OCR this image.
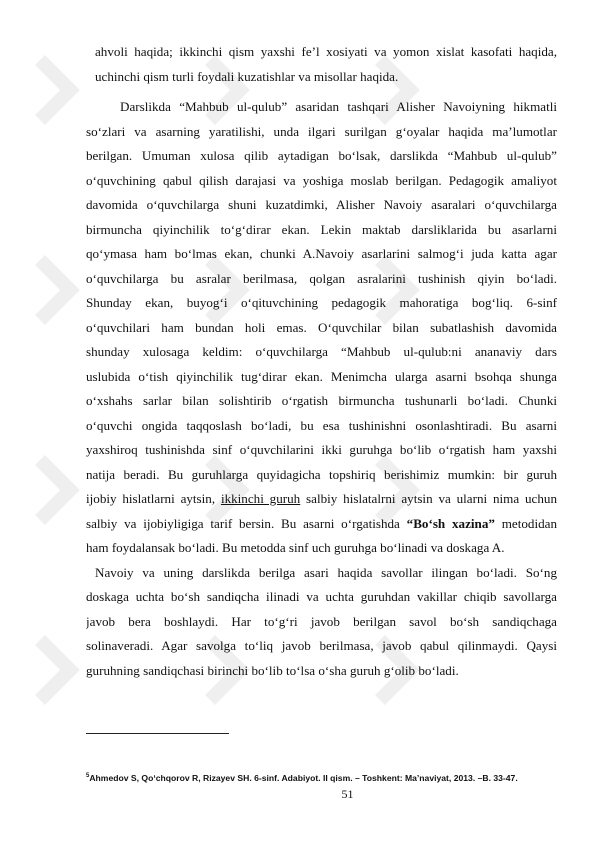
ahvoli haqida; ikkinchi qism yaxshi fe’l xosiyati va yomon xislat kasofati haqida,
uchinchi qism turli foydali kuzatishlar va misollar haqida.
Darslikda “Mahbub ul-qulub” asaridan tashqari Alisher Navoiyning hikmatli
so‘zlari va asarning yaratilishi, unda ilgari surilgan g‘oyalar haqida ma’lumotlar
berilgan. Umuman xulosa qilib aytadigan bo‘lsak, darslikda “Mahbub ul-qulub”
o‘quvchining qabul qilish darajasi va yoshiga moslab berilgan. Pedagogik amaliyot
davomida o‘quvchilarga shuni kuzatdimki, Alisher Navoiy asaralari o‘quvchilarga
birmuncha qiyinchilik to‘g‘dirar ekan. Lekin maktab darsliklarida bu asarlarni
qo‘ymasa ham bo‘lmas ekan, chunki A.Navoiy asarlarini salmog‘i juda katta agar
o‘quvchilarga bu asralar berilmasa, qolgan asralarini tushinish qiyin bo‘ladi.
Shunday ekan, buyog‘i o‘qituvchining pedagogik mahoratiga bog‘liq. 6-sinf
o‘quvchilari ham bundan holi emas. O‘quvchilar bilan subatlashish davomida
shunday xulosaga keldim: o‘quvchilarga “Mahbub ul-qulub:ni ananaviy dars
uslubida o‘tish qiyinchilik tug‘dirar ekan. Menimcha ularga asarni bsohqa shunga
o‘xshahs sarlar bilan solishtirib o‘rgatish birmuncha tushunarli bo‘ladi. Chunki
o‘quvchi ongida taqqoslash bo‘ladi, bu esa tushinishni osonlashtiradi. Bu asarni
yaxshiroq tushinishda sinf o‘quvchilarini ikki guruhga bo‘lib o‘rgatish ham yaxshi
natija beradi. Bu guruhlarga quyidagicha topshiriq berishimiz mumkin: bir guruh
ijobiy hislatlarni aytsin, ikkinchi guruh salbiy hislatalrni aytsin va ularni nima uchun
salbiy va ijobiyligiga tarif bersin. Bu asarni o‘rgatishda “Bo‘sh xazina” metodidan
ham foydalansak bo‘ladi. Bu metodda sinf uch guruhga bo‘linadi va doskaga A.
Navoiy va uning darslikda berilga asari haqida savollar ilingan bo‘ladi. So‘ng
doskaga uchta bo‘sh sandiqcha ilinadi va uchta guruhdan vakillar chiqib savollarga
javob bera boshlaydi. Har to‘g‘ri javob berilgan savol bo‘sh sandiqchaga
solinaveradi. Agar savolga to‘liq javob berilmasa, javob qabul qilinmaydi. Qaysi
guruhning sandiqchasi birinchi bo‘lib to‘lsa o‘sha guruh g‘olib bo‘ladi.
$^5$Ahmedov S, Qo‘chqorov R, Rizayev SH. 6-sinf. Adabiyot. II qism. – Toshkent: Ma’naviyat, 2013. –B. 33-47.
51
